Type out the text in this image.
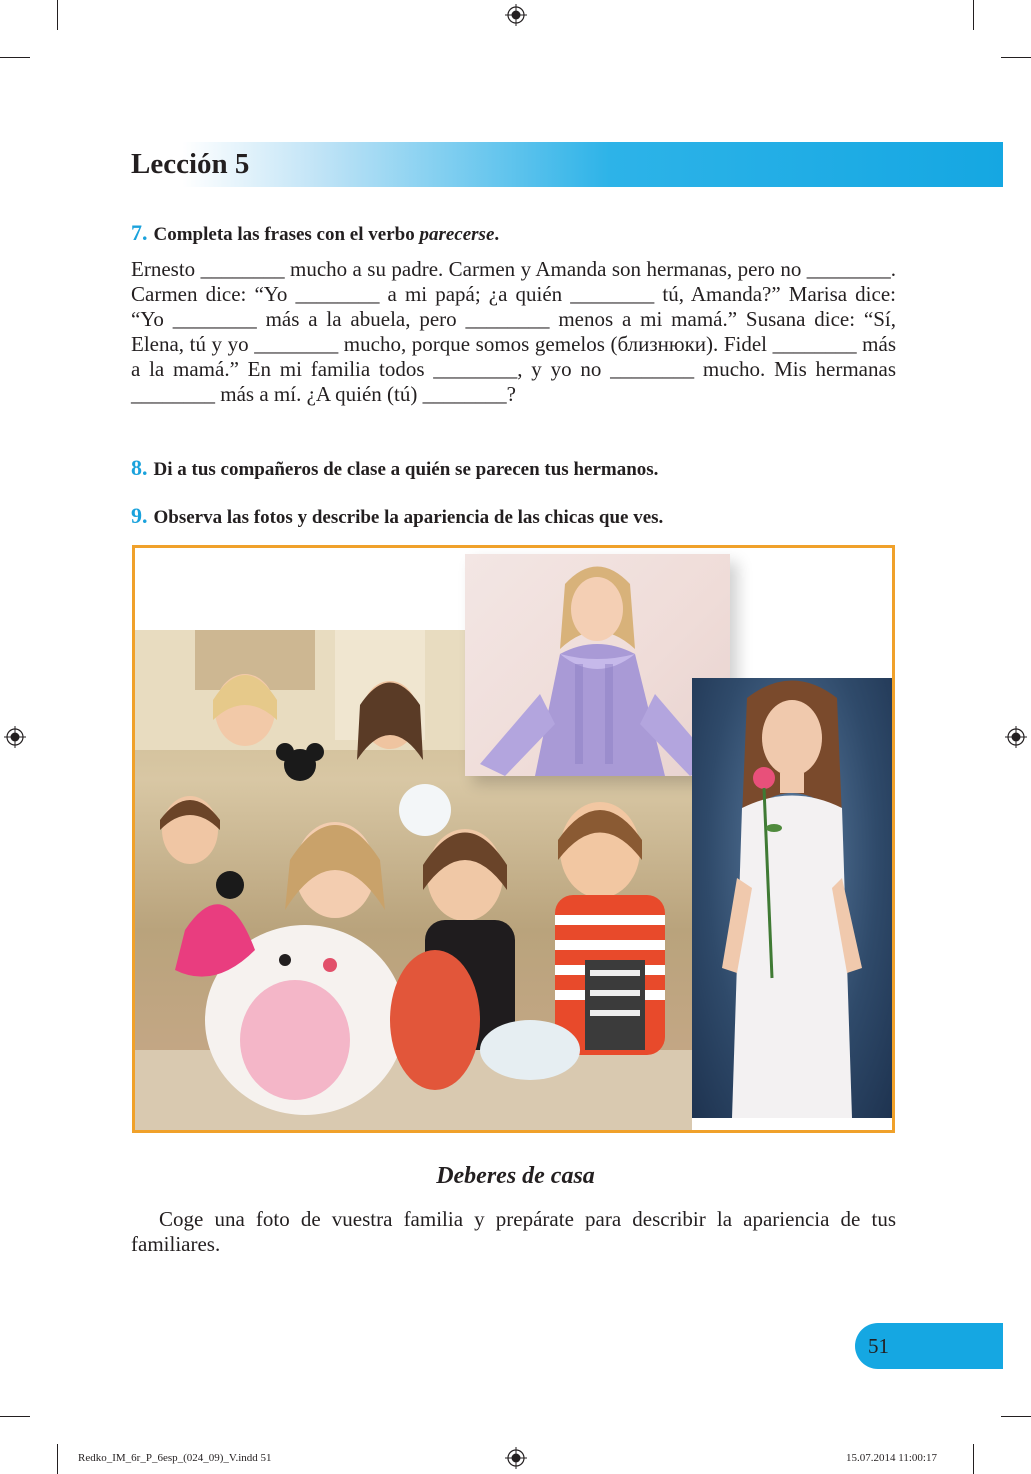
Lección 5
7. Completa las frases con el verbo parecerse.
Ernesto ________ mucho a su padre. Carmen y Amanda son hermanas, pero no ________. Carmen dice: “Yo ________ a mi papá; ¿a quién ________ tú, Amanda?” Marisa dice: “Yo ________ más a la abuela, pero ________ menos a mi mamá.” Susana dice: “Sí, Elena, tú y yo ________ mucho, porque somos gemelos (близнюки). Fidel ________ más a la mamá.” En mi familia todos ________, y yo no ________ mucho. Mis hermanas ________ más a mí. ¿A quién (tú) ________?
8. Di a tus compañeros de clase a quién se parecen tus hermanos.
9. Observa las fotos y describe la apariencia de las chicas que ves.
Deberes de casa
Coge una foto de vuestra familia y prepárate para describir la apariencia de tus familiares.
51
Redko_IM_6r_P_6esp_(024_09)_V.indd 51	15.07.2014 11:00:17
